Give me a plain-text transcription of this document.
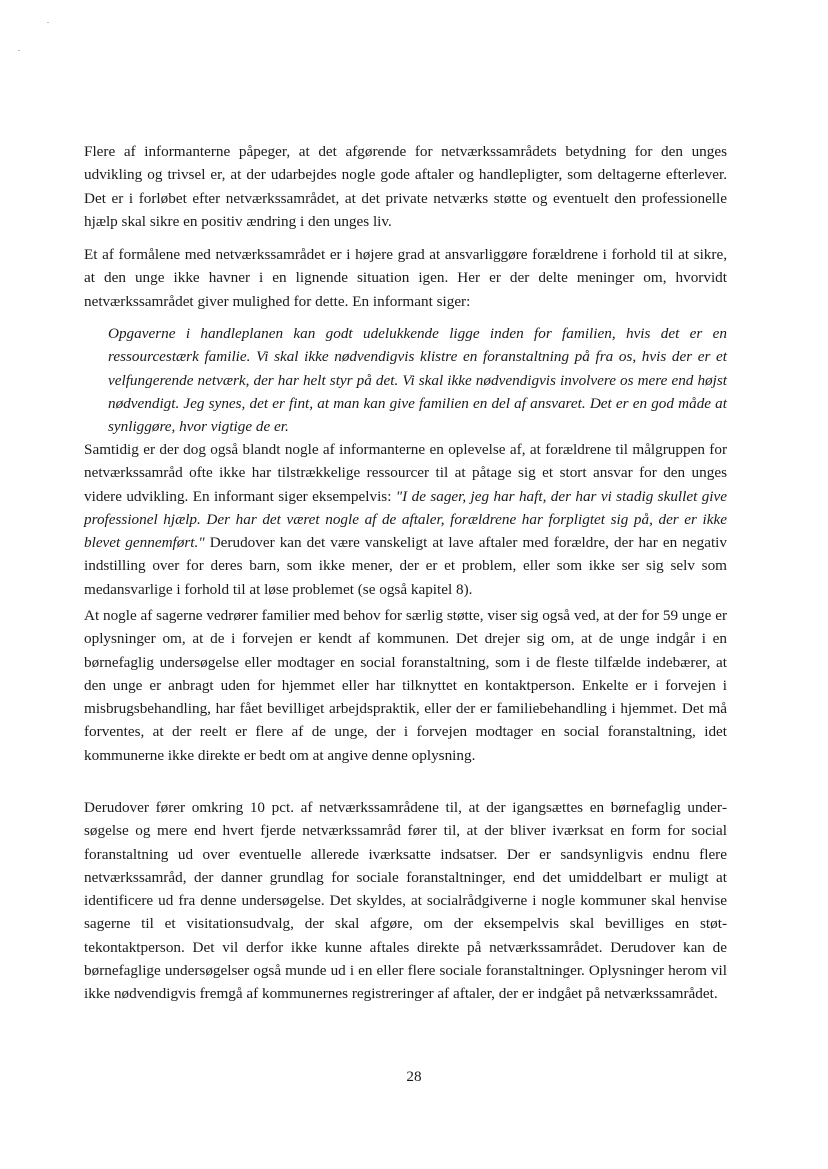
Flere af informanterne påpeger, at det afgørende for netværkssamrådets betydning for den unges udvikling og trivsel er, at der udarbejdes nogle gode aftaler og handlepligter, som deltagerne efterlever. Det er i forløbet efter netværkssamrådet, at det private netværks støtte og eventuelt den professionelle hjælp skal sikre en positiv ændring i den unges liv.

Et af formålene med netværkssamrådet er i højere grad at ansvarliggøre forældrene i forhold til at sikre, at den unge ikke havner i en lignende situation igen. Her er der delte meninger om, hvorvidt netværkssamrådet giver mulighed for dette. En informant siger:

Opgaverne i handleplanen kan godt udelukkende ligge inden for familien, hvis det er en ressourcestærk familie. Vi skal ikke nødvendigvis klistre en foranstaltning på fra os, hvis der er et velfungerende netværk, der har helt styr på det. Vi skal ikke nødvendigvis involvere os mere end højst nødvendigt. Jeg synes, det er fint, at man kan give familien en del af ansvaret. Det er en god måde at synliggøre, hvor vigtige de er.

Samtidig er der dog også blandt nogle af informanterne en oplevelse af, at forældrene til målgruppen for netværkssamråd ofte ikke har tilstrækkelige ressourcer til at påtage sig et stort ansvar for den unges videre udvikling. En informant siger eksempelvis: "I de sager, jeg har haft, der har vi stadig skullet give professionel hjælp. Der har det været nogle af de aftaler, forældrene har forpligtet sig på, der er ikke blevet gennemført." Derudover kan det være vanskeligt at lave aftaler med forældre, der har en negativ indstilling over for deres barn, som ikke mener, der er et problem, eller som ikke ser sig selv som medansvarlige i forhold til at løse problemet (se også kapitel 8).

At nogle af sagerne vedrører familier med behov for særlig støtte, viser sig også ved, at der for 59 unge er oplysninger om, at de i forvejen er kendt af kommunen. Det drejer sig om, at de unge indgår i en børnefaglig undersøgelse eller modtager en social foranstaltning, som i de fleste tilfælde indebærer, at den unge er anbragt uden for hjemmet eller har tilknyttet en kontaktperson. Enkelte er i forvejen i misbrugsbehandling, har fået bevilliget arbejdspraktik, eller der er familiebehandling i hjemmet. Det må forventes, at der reelt er flere af de unge, der i forvejen modtager en social foranstaltning, idet kommunerne ikke direkte er bedt om at angive denne oplysning.

Derudover fører omkring 10 pct. af netværkssamrådene til, at der igangsættes en børnefaglig undersøgelse og mere end hvert fjerde netværkssamråd fører til, at der bliver iværksat en form for social foranstaltning ud over eventuelle allerede iværksatte indsatser. Der er sandsynligvis endnu flere netværkssamråd, der danner grundlag for sociale foranstaltninger, end det umiddelbart er muligt at identificere ud fra denne undersøgelse. Det skyldes, at socialrådgiverne i nogle kommuner skal henvise sagerne til et visitationsudvalg, der skal afgøre, om der eksempelvis skal bevilliges en støttekontaktperson. Det vil derfor ikke kunne aftales direkte på netværkssamrådet. Derudover kan de børnefaglige undersøgelser også munde ud i en eller flere sociale foranstaltninger. Oplysninger herom vil ikke nødvendigvis fremgå af kommunernes registreringer af aftaler, der er indgået på netværkssamrådet.

28
